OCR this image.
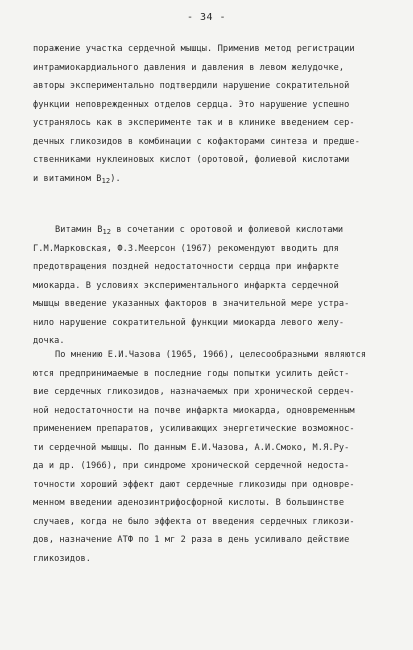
- 34 -
поражение участка сердечной мышцы. Применив метод регистрации
интрамиокардиального давления и давления в левом желудочке,
авторы экспериментально подтвердили нарушение сократительной
функции неповрежденных отделов сердца. Это нарушение успешно
устранялось как в эксперименте так и в клинике введением сер-
дечных гликозидов в комбинации с кофакторами синтеза и предше-
ственниками нуклеиновых кислот (оротовой, фолиевой кислотами
и витамином $B_{12}$).
Витамин $B_{12}$ в сочетании с оротовой и фолиевой кислотами
Г.М.Марковская, Ф.З.Меерсон (1967) рекомендуют вводить для
предотвращения поздней недостаточности сердца при инфаркте
миокарда. В условиях экспериментального инфаркта сердечной
мышцы введение указанных факторов в значительной мере устра-
нило нарушение сократительной функции миокарда левого желу-
дочка.
По мнению Е.И.Чазова (1965, 1966), целесообразными являются
ются предпринимаемые в последние годы попытки усилить дейст-
вие сердечных гликозидов, назначаемых при хронической сердеч-
ной недостаточности на почве инфаркта миокарда, одновременным
применением препаратов, усиливающих энергетические возможнос-
ти сердечной мышцы. По данным Е.И.Чазова, А.И.Смоко, М.Я.Ру-
да и др. (1966), при синдроме хронической сердечной недоста-
точности хороший эффект дают сердечные гликозиды при одновре-
менном введении аденозинтрифосфорной кислоты. В большинстве
случаев, когда не было эффекта от введения сердечных гликози-
дов, назначение АТФ по 1 мг 2 раза в день усиливало действие
гликозидов.
